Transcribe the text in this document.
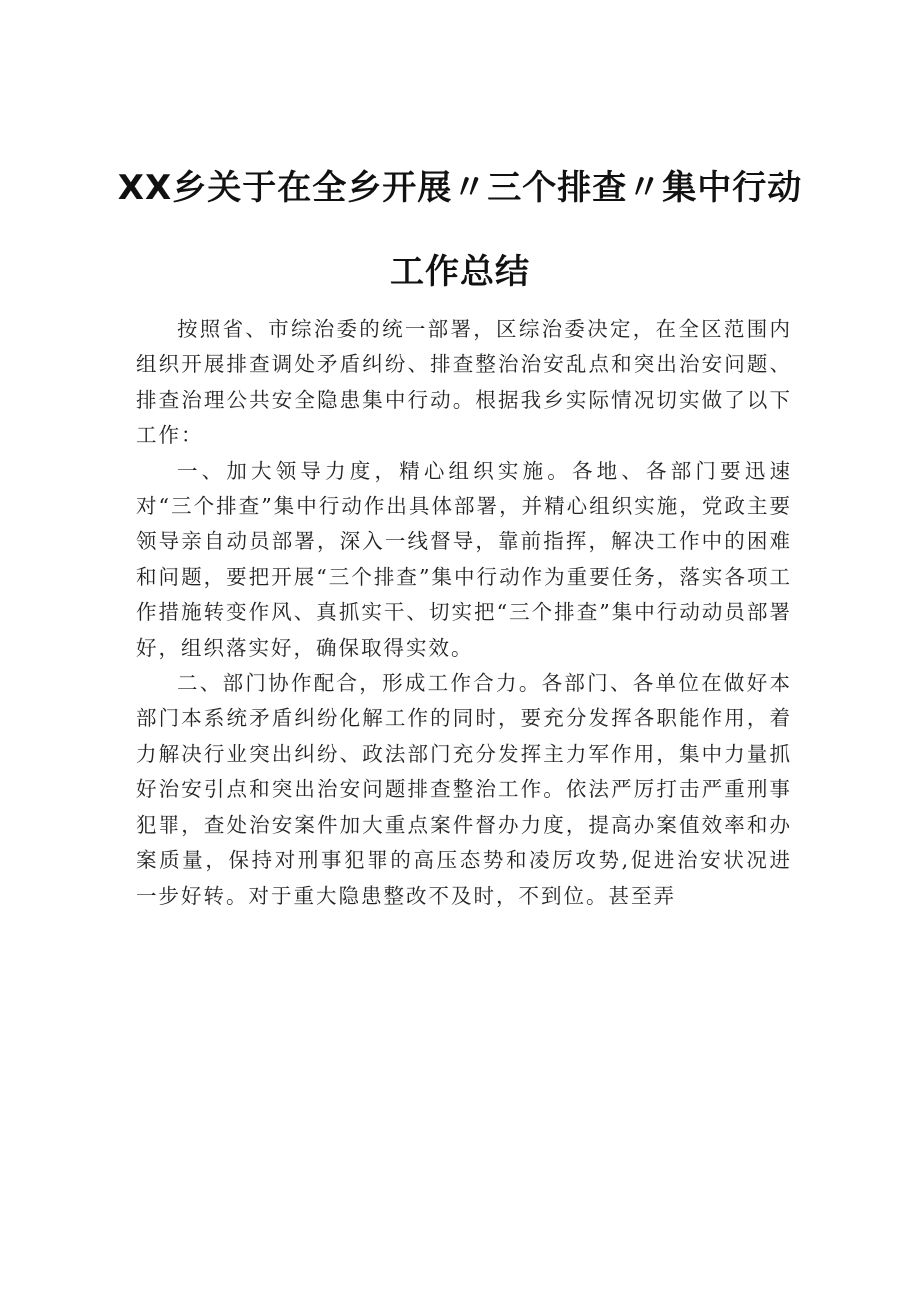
XX乡关于在全乡开展〃三个排查〃集中行动
工作总结

按照省、市综治委的统一部署，区综治委决定，在全区范围内组织开展排查调处矛盾纠纷、排查整治治安乱点和突出治安问题、排查治理公共安全隐患集中行动。根据我乡实际情况切实做了以下工作：

一、加大领导力度，精心组织实施。各地、各部门要迅速对“三个排查”集中行动作出具体部署，并精心组织实施，党政主要领导亲自动员部署，深入一线督导，靠前指挥，解决工作中的困难和问题，要把开展“三个排查”集中行动作为重要任务，落实各项工作措施转变作风、真抓实干、切实把“三个排查”集中行动动员部署好，组织落实好，确保取得实效。

二、部门协作配合，形成工作合力。各部门、各单位在做好本部门本系统矛盾纠纷化解工作的同时，要充分发挥各职能作用，着力解决行业突出纠纷、政法部门充分发挥主力军作用，集中力量抓好治安引点和突出治安问题排查整治工作。依法严厉打击严重刑事犯罪，查处治安案件加大重点案件督办力度，提高办案值效率和办案质量，保持对刑事犯罪的高压态势和凌厉攻势,促进治安状况进一步好转。对于重大隐患整改不及时，不到位。甚至弄
